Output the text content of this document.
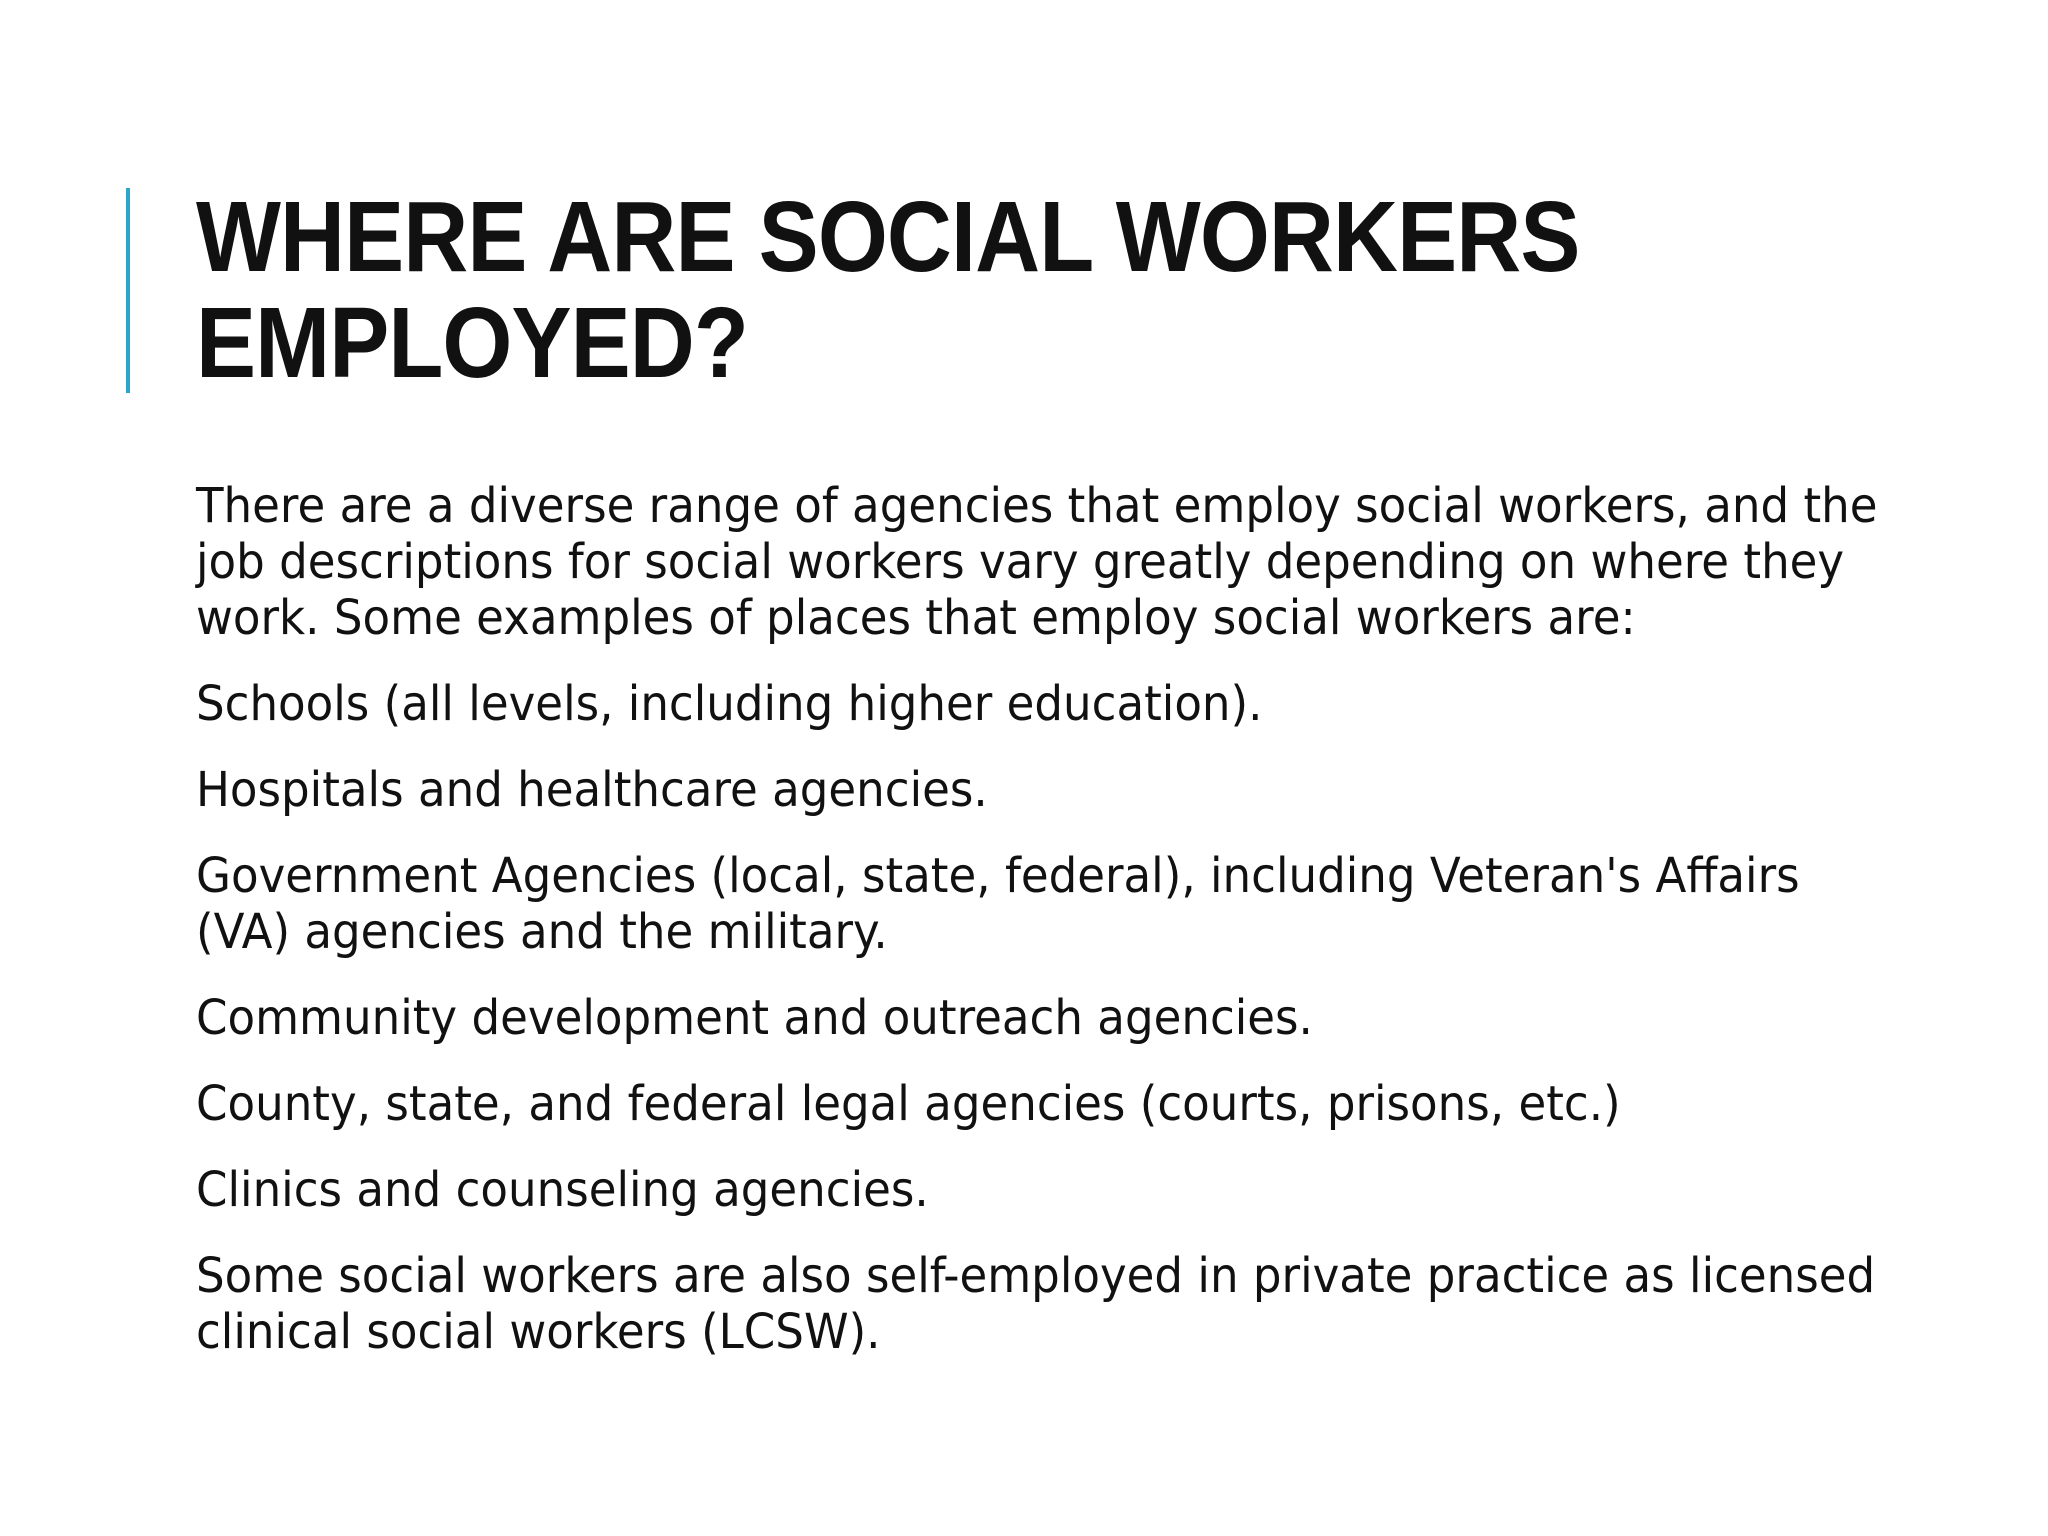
WHERE ARE SOCIAL WORKERS
EMPLOYED?

There are a diverse range of agencies that employ social workers, and the job descriptions for social workers vary greatly depending on where they work. Some examples of places that employ social workers are:

Schools (all levels, including higher education).

Hospitals and healthcare agencies.

Government Agencies (local, state, federal), including Veteran's Affairs (VA) agencies and the military.

Community development and outreach agencies.

County, state, and federal legal agencies (courts, prisons, etc.)

Clinics and counseling agencies.

Some social workers are also self-employed in private practice as licensed clinical social workers (LCSW).
